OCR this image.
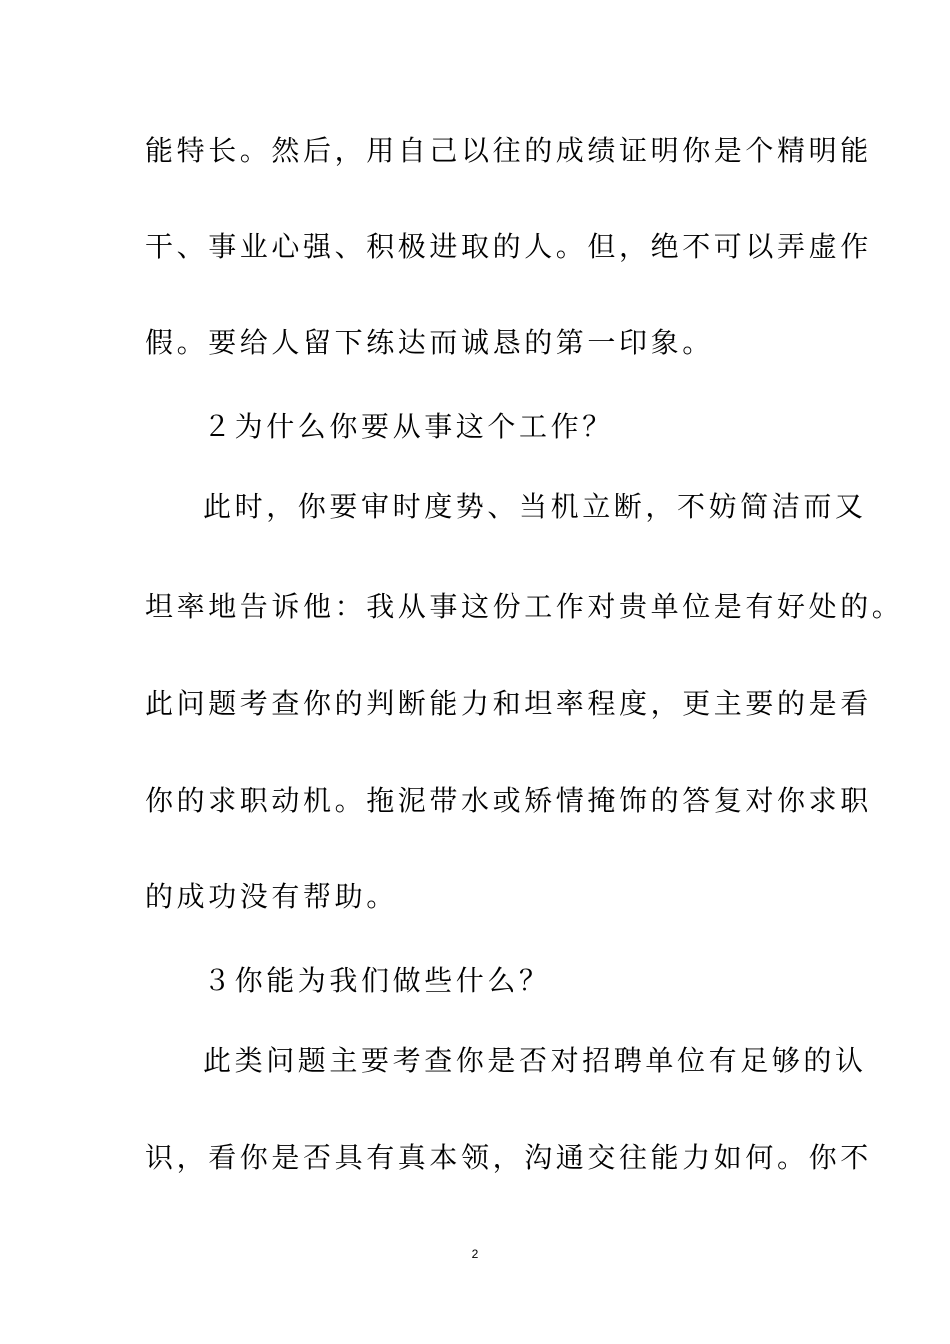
能特长。然后，用自己以往的成绩证明你是个精明能
干、事业心强、积极进取的人。但，绝不可以弄虚作
假。要给人留下练达而诚恳的第一印象。
２为什么你要从事这个工作？
此时，你要审时度势、当机立断，不妨简洁而又
坦率地告诉他：我从事这份工作对贵单位是有好处的。
此问题考查你的判断能力和坦率程度，更主要的是看
你的求职动机。拖泥带水或矫情掩饰的答复对你求职
的成功没有帮助。
３你能为我们做些什么？
此类问题主要考查你是否对招聘单位有足够的认
识，看你是否具有真本领，沟通交往能力如何。你不
2
